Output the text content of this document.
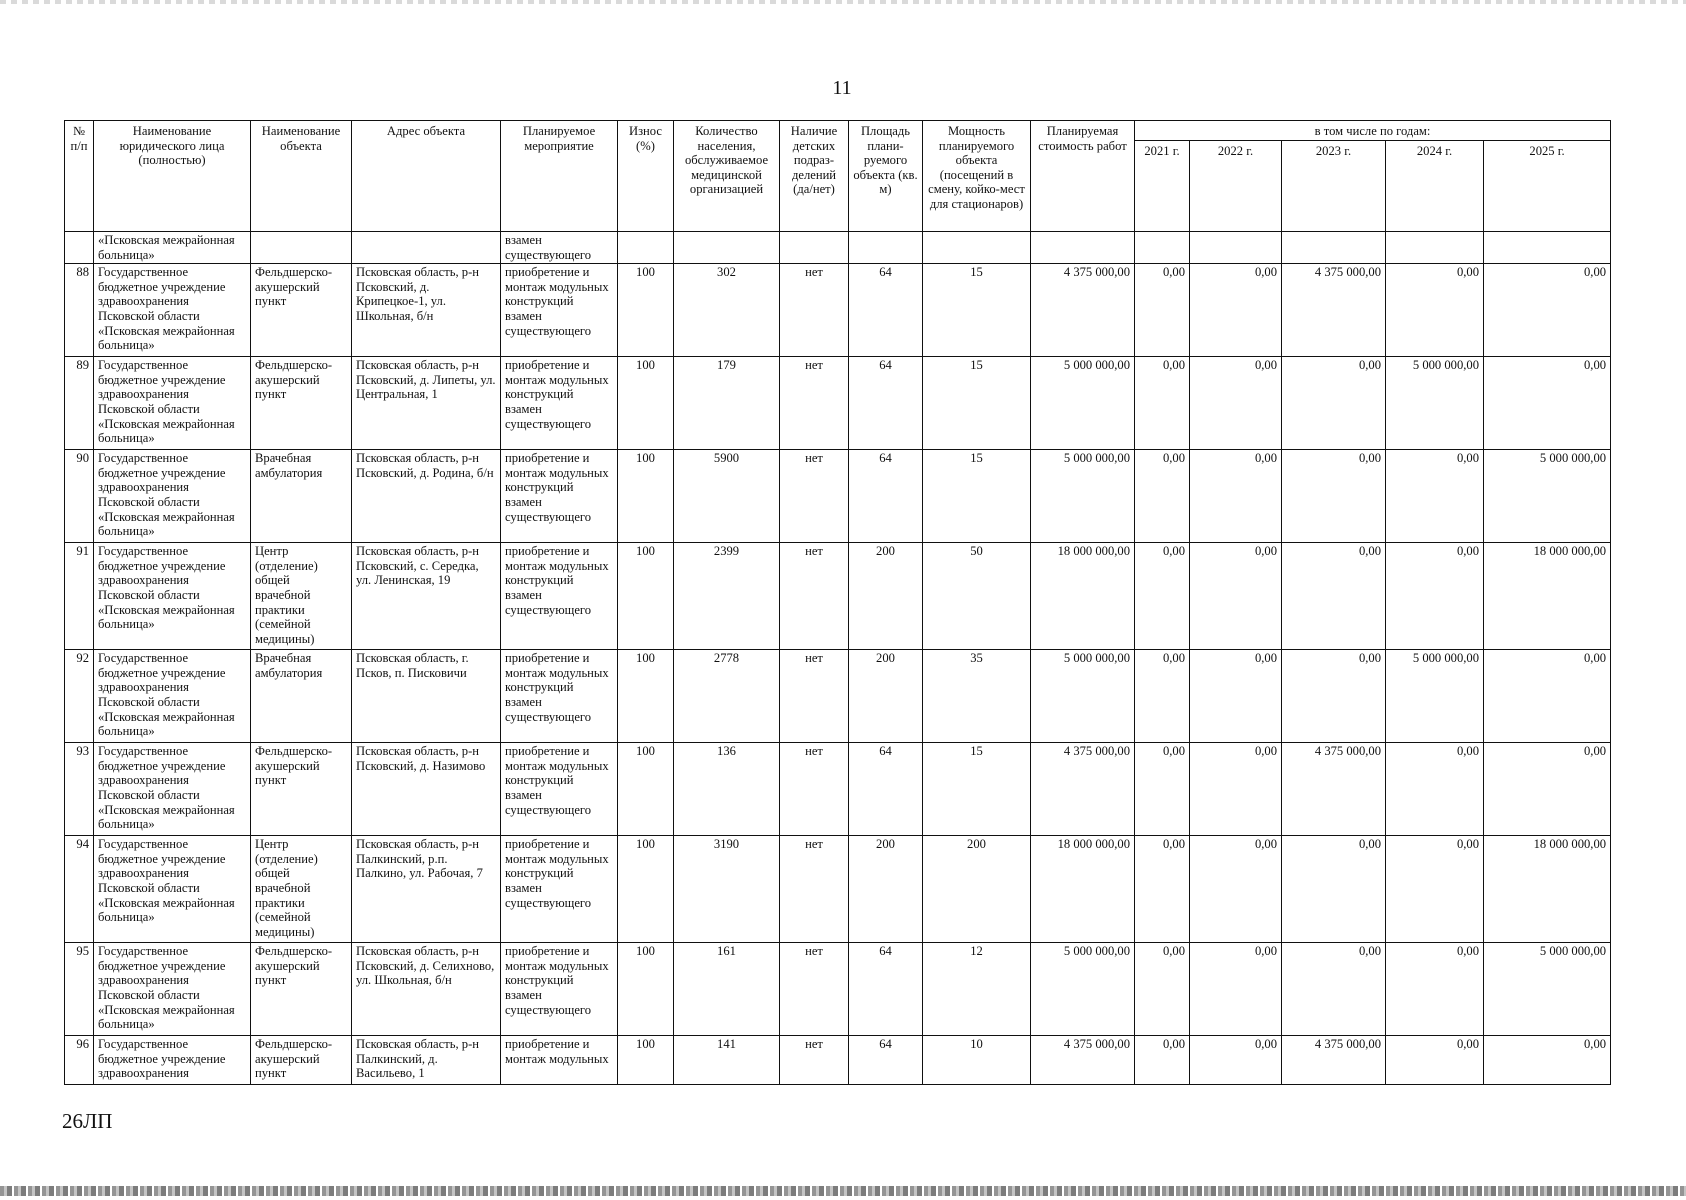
11
№ п/п	Наименование юридического лица (полностью)	Наименование объекта	Адрес объекта	Планируемое мероприятие	Износ (%)	Количество населения, обслуживаемое медицинской организацией	Наличие детских подраз-делений (да/нет)	Площадь плани-руемого объекта (кв. м)	Мощность планируемого объекта (посещений в смену, койко-мест для стационаров)	Планируемая стоимость работ	в том числе по годам:				
											2021 г.	2022 г.	2023 г.	2024 г.	2025 г.
	«Псковская межрайонная больница»			взамен существующего											
88	Государственное бюджетное учреждение здравоохранения Псковской области «Псковская межрайонная больница»	Фельдшерско-акушерский пункт	Псковская область, р-н Псковский, д. Крипецкое-1, ул. Школьная, б/н	приобретение и монтаж модульных конструкций взамен существующего	100	302	нет	64	15	4 375 000,00	0,00	0,00	4 375 000,00	0,00	0,00
89	Государственное бюджетное учреждение здравоохранения Псковской области «Псковская межрайонная больница»	Фельдшерско-акушерский пункт	Псковская область, р-н Псковский, д. Липеты, ул. Центральная, 1	приобретение и монтаж модульных конструкций взамен существующего	100	179	нет	64	15	5 000 000,00	0,00	0,00	0,00	5 000 000,00	0,00
90	Государственное бюджетное учреждение здравоохранения Псковской области «Псковская межрайонная больница»	Врачебная амбулатория	Псковская область, р-н Псковский, д. Родина, б/н	приобретение и монтаж модульных конструкций взамен существующего	100	5900	нет	64	15	5 000 000,00	0,00	0,00	0,00	0,00	5 000 000,00
91	Государственное бюджетное учреждение здравоохранения Псковской области «Псковская межрайонная больница»	Центр (отделение) общей врачебной практики (семейной медицины)	Псковская область, р-н Псковский, с. Середка, ул. Ленинская, 19	приобретение и монтаж модульных конструкций взамен существующего	100	2399	нет	200	50	18 000 000,00	0,00	0,00	0,00	0,00	18 000 000,00
92	Государственное бюджетное учреждение здравоохранения Псковской области «Псковская межрайонная больница»	Врачебная амбулатория	Псковская область, г. Псков, п. Писковичи	приобретение и монтаж модульных конструкций взамен существующего	100	2778	нет	200	35	5 000 000,00	0,00	0,00	0,00	5 000 000,00	0,00
93	Государственное бюджетное учреждение здравоохранения Псковской области «Псковская межрайонная больница»	Фельдшерско-акушерский пункт	Псковская область, р-н Псковский, д. Назимово	приобретение и монтаж модульных конструкций взамен существующего	100	136	нет	64	15	4 375 000,00	0,00	0,00	4 375 000,00	0,00	0,00
94	Государственное бюджетное учреждение здравоохранения Псковской области «Псковская межрайонная больница»	Центр (отделение) общей врачебной практики (семейной медицины)	Псковская область, р-н Палкинский, р.п. Палкино, ул. Рабочая, 7	приобретение и монтаж модульных конструкций взамен существующего	100	3190	нет	200	200	18 000 000,00	0,00	0,00	0,00	0,00	18 000 000,00
95	Государственное бюджетное учреждение здравоохранения Псковской области «Псковская межрайонная больница»	Фельдшерско-акушерский пункт	Псковская область, р-н Псковский, д. Селихново, ул. Школьная, б/н	приобретение и монтаж модульных конструкций взамен существующего	100	161	нет	64	12	5 000 000,00	0,00	0,00	0,00	0,00	5 000 000,00
96	Государственное бюджетное учреждение здравоохранения	Фельдшерско-акушерский пункт	Псковская область, р-н Палкинский, д. Васильево, 1	приобретение и монтаж модульных	100	141	нет	64	10	4 375 000,00	0,00	0,00	4 375 000,00	0,00	0,00
26ЛП
